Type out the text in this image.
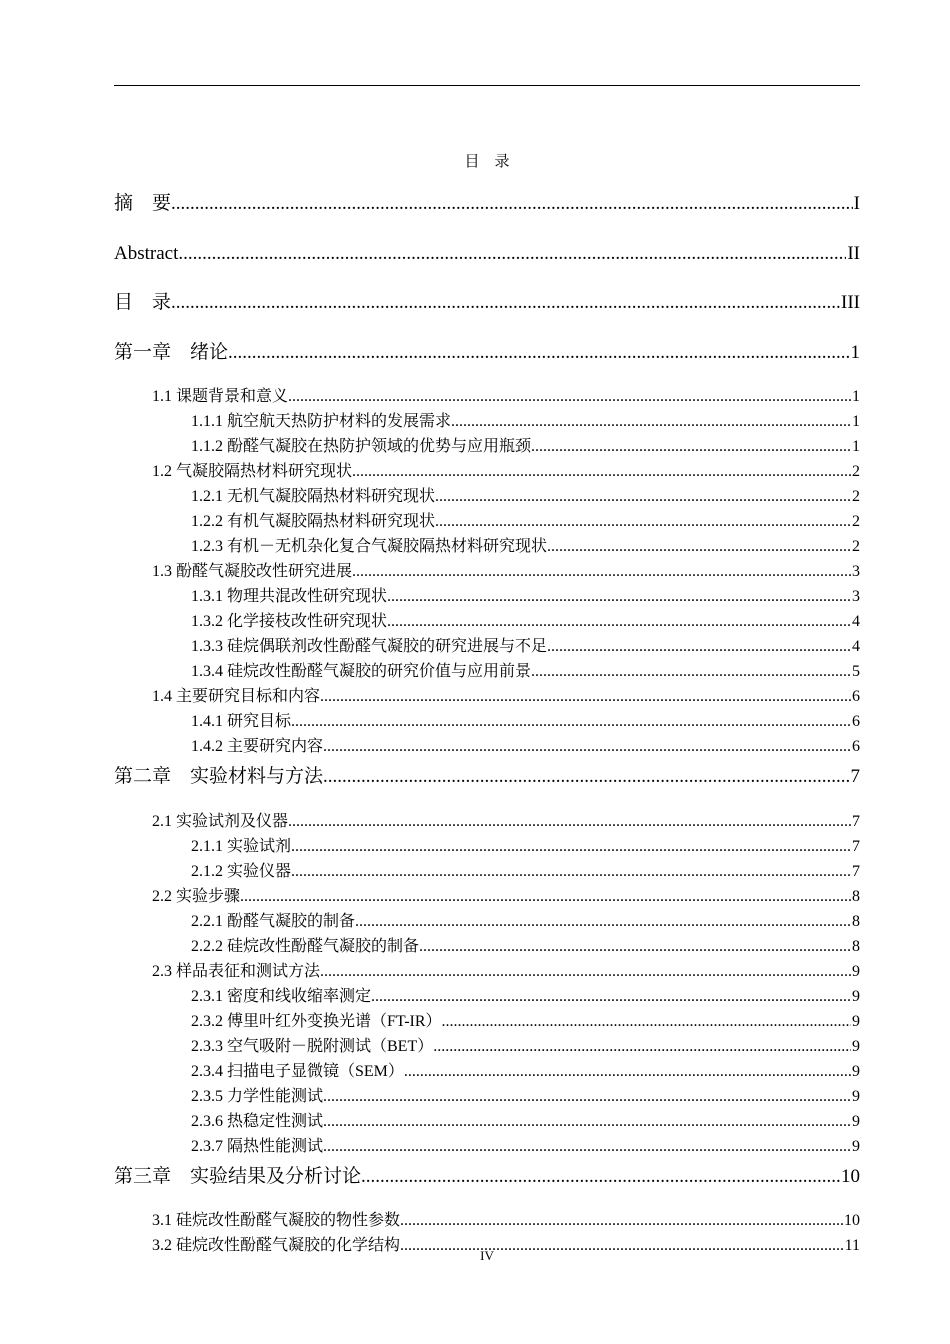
目　录
摘　要 .....	I
Abstract .....	II
目　录 .....	III
第一章　绪论 .....	1
1.1 课题背景和意义 .....	1
1.1.1 航空航天热防护材料的发展需求 .....	1
1.1.2 酚醛气凝胶在热防护领域的优势与应用瓶颈 .....	1
1.2 气凝胶隔热材料研究现状 .....	2
1.2.1 无机气凝胶隔热材料研究现状 .....	2
1.2.2 有机气凝胶隔热材料研究现状 .....	2
1.2.3 有机－无机杂化复合气凝胶隔热材料研究现状 .....	2
1.3 酚醛气凝胶改性研究进展 .....	3
1.3.1 物理共混改性研究现状 .....	3
1.3.2 化学接枝改性研究现状 .....	4
1.3.3 硅烷偶联剂改性酚醛气凝胶的研究进展与不足 .....	4
1.3.4 硅烷改性酚醛气凝胶的研究价值与应用前景 .....	5
1.4 主要研究目标和内容 .....	6
1.4.1 研究目标 .....	6
1.4.2 主要研究内容 .....	6
第二章　实验材料与方法 .....	7
2.1 实验试剂及仪器 .....	7
2.1.1 实验试剂 .....	7
2.1.2 实验仪器 .....	7
2.2 实验步骤 .....	8
2.2.1 酚醛气凝胶的制备 .....	8
2.2.2 硅烷改性酚醛气凝胶的制备 .....	8
2.3 样品表征和测试方法 .....	9
2.3.1 密度和线收缩率测定 .....	9
2.3.2 傅里叶红外变换光谱（FT-IR） .....	9
2.3.3 空气吸附－脱附测试（BET） .....	9
2.3.4 扫描电子显微镜（SEM） .....	9
2.3.5 力学性能测试 .....	9
2.3.6 热稳定性测试 .....	9
2.3.7 隔热性能测试 .....	9
第三章　实验结果及分析讨论 .....	10
3.1 硅烷改性酚醛气凝胶的物性参数 .....	10
3.2 硅烷改性酚醛气凝胶的化学结构 .....	11
IV
